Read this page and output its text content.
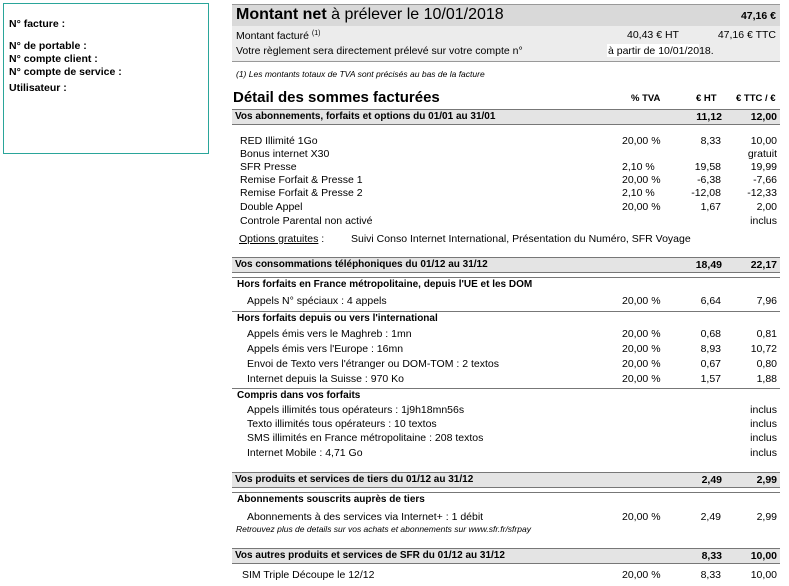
N° facture :
N° de portable :
N° compte client :
N° compte de service :
Utilisateur :
Montant net à prélever le 10/01/2018	47,16 €
Montant facturé $^{(1)}$	40,43 € HT	47,16 € TTC
Votre règlement sera directement prélevé sur votre compte n°	à partir de 10/01/2018.
(1) Les montants totaux de TVA sont précisés au bas de la facture
Détail des sommes facturées	% TVA	€ HT € TTC / €
Vos abonnements, forfaits et options du 01/01 au 31/01	11,12	12,00
RED Illimité 1Go	20,00 %	8,33	10,00
Bonus internet X30	gratuit
SFR Presse	2,10 %	19,58	19,99
Remise Forfait & Presse 1	20,00 %	-6,38	-7,66
Remise Forfait & Presse 2	2,10 %	-12,08 -12,33
Double Appel	20,00 %	1,67	2,00
Controle Parental non activé	inclus
Options gratuites :	Suivi Conso Internet International, Présentation du Numéro, SFR Voyage
Vos consommations téléphoniques du 01/12 au 31/12	18,49	22,17
Hors forfaits en France métropolitaine, depuis l'UE et les DOM
Appels N° spéciaux : 4 appels	20,00 %	6,64	7,96
Hors forfaits depuis ou vers l'international
Appels émis vers le Maghreb : 1mn	20,00 %	0,68	0,81
Appels émis vers l'Europe : 16mn	20,00 %	8,93	10,72
Envoi de Texto vers l'étranger ou DOM-TOM : 2 textos	20,00 %	0,67	0,80
Internet depuis la Suisse : 970 Ko	20,00 %	1,57	1,88
Compris dans vos forfaits
Appels illimités tous opérateurs : 1j9h18mn56s	inclus
Texto illimités tous opérateurs : 10 textos	inclus
SMS illimités en France métropolitaine : 208 textos	inclus
Internet Mobile : 4,71 Go	inclus
Vos produits et services de tiers du 01/12 au 31/12	2,49	2,99
Abonnements souscrits auprès de tiers
Abonnements à des services via Internet+ : 1 débit	20,00 %	2,49	2,99
Retrouvez plus de details sur vos achats et abonnements sur www.sfr.fr/sfrpay
Vos autres produits et services de SFR du 01/12 au 31/12	8,33	10,00
SIM Triple Découpe le 12/12	20,00 %	8,33	10,00
